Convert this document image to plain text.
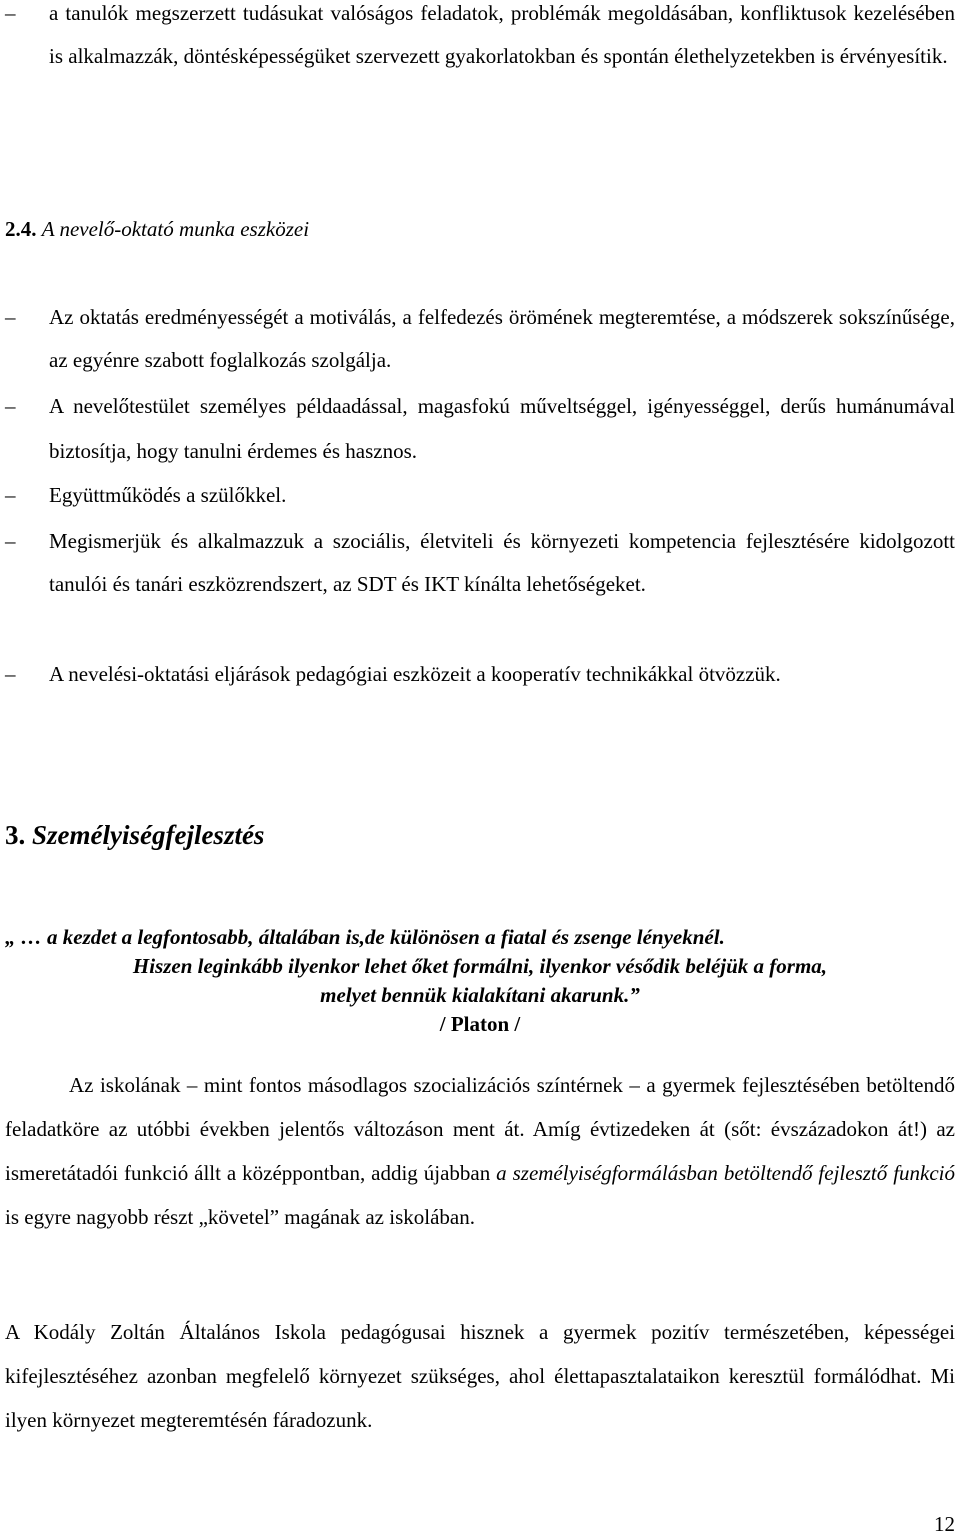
–	a tanulók megszerzett tudásukat valóságos feladatok, problémák megoldásában, konfliktusok kezelésében is alkalmazzák, döntésképességüket szervezett gyakorlatokban és spontán élethelyzetekben is érvényesítik.
2.4. A nevelő-oktató munka eszközei
–	Az oktatás eredményességét a motiválás, a felfedezés örömének megteremtése, a módszerek sokszínűsége, az egyénre szabott foglalkozás szolgálja.
–	A nevelőtestület személyes példaadással, magasfokú műveltséggel, igényességgel, derűs humánumával biztosítja, hogy tanulni érdemes és hasznos.
–	Együttműködés a szülőkkel.
–	Megismerjük és alkalmazzuk a szociális, életviteli és környezeti kompetencia fejlesztésére kidolgozott tanulói és tanári eszközrendszert, az SDT és IKT kínálta lehetőségeket.
–	A nevelési-oktatási eljárások pedagógiai eszközeit a kooperatív technikákkal ötvözzük.
3. Személyiségfejlesztés
„ … a kezdet a legfontosabb, általában is,de különösen a fiatal és zsenge lényeknél.
Hiszen leginkább ilyenkor lehet őket formálni, ilyenkor vésődik beléjük a forma,
melyet bennük kialakítani akarunk.”
/ Platon /
Az iskolának – mint fontos másodlagos szocializációs színtérnek – a gyermek fejlesztésében betöltendő feladatköre az utóbbi években jelentős változáson ment át. Amíg évtizedeken át (sőt: évszázadokon át!) az ismeretátadói funkció állt a középpontban, addig újabban a személyiségformálásban betöltendő fejlesztő funkció is egyre nagyobb részt „követel” magának az iskolában.
A Kodály Zoltán Általános Iskola pedagógusai hisznek a gyermek pozitív természetében, képességei kifejlesztéséhez azonban megfelelő környezet szükséges, ahol élettapasztalataikon keresztül formálódhat. Mi ilyen környezet megteremtésén fáradozunk.
12
